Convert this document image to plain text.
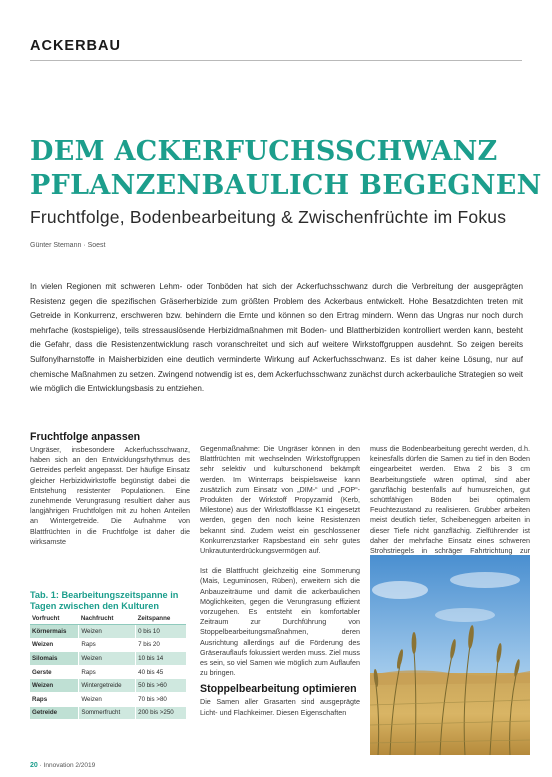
ACKERBAU
DEM ACKERFUCHSSCHWANZ
PFLANZENBAULICH BEGEGNEN
Fruchtfolge, Bodenbearbeitung & Zwischenfrüchte im Fokus
Günter Stemann · Soest
In vielen Regionen mit schweren Lehm- oder Tonböden hat sich der Ackerfuchsschwanz durch die Verbreitung der ausgeprägten Resistenz gegen die spezifischen Gräserherbizide zum größten Problem des Ackerbaus entwickelt. Hohe Besatzdichten treten mit Getreide in Konkurrenz, erschweren bzw. behindern die Ernte und können so den Ertrag mindern. Wenn das Ungras nur noch durch mehrfache (kostspielige), teils stressauslösende Herbizidmaßnahmen mit Boden- und Blattherbiziden kontrolliert werden kann, besteht die Gefahr, dass die Resistenzentwicklung rasch voranschreitet und sich auf weitere Wirkstoffgruppen ausdehnt. So zeigen bereits Sulfonylharnstoffe in Maisherbiziden eine deutlich verminderte Wirkung auf Ackerfuchsschwanz. Es ist daher keine Lösung, nur auf chemische Maßnahmen zu setzen. Zwingend notwendig ist es, dem Ackerfuchsschwanz zunächst durch ackerbauliche Strategien so weit wie möglich die Entwicklungsbasis zu entziehen.
Fruchtfolge anpassen

Ungräser, insbesondere Ackerfuchsschwanz, haben sich an den Entwicklungsrhythmus des Getreides perfekt angepasst. Der häufige Einsatz gleicher Herbizidwirkstoffe begünstigt dabei die Entstehung resistenter Populationen. Eine zunehmende Verungrasung resultiert daher aus langjährigen Fruchtfolgen mit zu hohen Anteilen an Wintergetreide. Die Aufnahme von Blattfrüchten in die Fruchtfolge ist daher die wirksamste

Tab. 1: Bearbeitungszeitspanne in Tagen zwischen den Kulturen
Vorfrucht	Nachfrucht	Zeitspanne
Körnermais	Weizen	0 bis 10
Weizen	Raps	7 bis 20
Silomais	Weizen	10 bis 14
Gerste	Raps	40 bis 45
Weizen	Wintergetreide	50 bis >60
Raps	Weizen	70 bis >80
Getreide	Sommerfrucht	200 bis >250

Gegenmaßnahme: Die Ungräser können in den Blattfrüchten mit wechselnden Wirkstoffgruppen sehr selektiv und kulturschonend bekämpft werden. Im Winterraps beispielsweise kann zusätzlich zum Einsatz von „DIM-“ und „FOP“-Produkten der Wirkstoff Propyzamid (Kerb, Milestone) aus der Wirkstoffklasse K1 eingesetzt werden, gegen den noch keine Resistenzen bekannt sind. Zudem weist ein geschlossener Konkurrenzstarker Rapsbestand ein sehr gutes Unkrautunterdrückungsvermögen auf.

Ist die Blattfrucht gleichzeitig eine Sommerung (Mais, Leguminosen, Rüben), erweitern sich die Anbauzeiträume und damit die ackerbaulichen Möglichkeiten, gegen die Verungrasung effizient vorzugehen. Es entsteht ein komfortabler Zeitraum zur Durchführung von Stoppelbearbeitungsmaßnahmen, deren Ausrichtung allerdings auf die Förderung des Gräserauflaufs fokussiert werden muss. Ziel muss es sein, so viel Samen wie möglich zum Auflaufen zu bringen.

Stoppelbearbeitung optimieren

Die Samen aller Grasarten sind ausgeprägte Licht- und Flachkeimer. Diesen Eigenschaften

muss die Bodenbearbeitung gerecht werden, d.h. keinesfalls dürfen die Samen zu tief in den Boden eingearbeitet werden. Etwa 2 bis 3 cm Bearbeitungstiefe wären optimal, sind aber ganzflächig bestenfalls auf humusreichen, gut schüttfähigen Böden bei optimalem Feuchtezustand zu realisieren. Grubber arbeiten meist deutlich tiefer, Scheibeneggen arbeiten in dieser Tiefe nicht ganzflächig. Zielführender ist daher der mehrfache Einsatz eines schweren Strohstriegels in schräger Fahrtrichtung zur

20 · Innovation 2/2019
